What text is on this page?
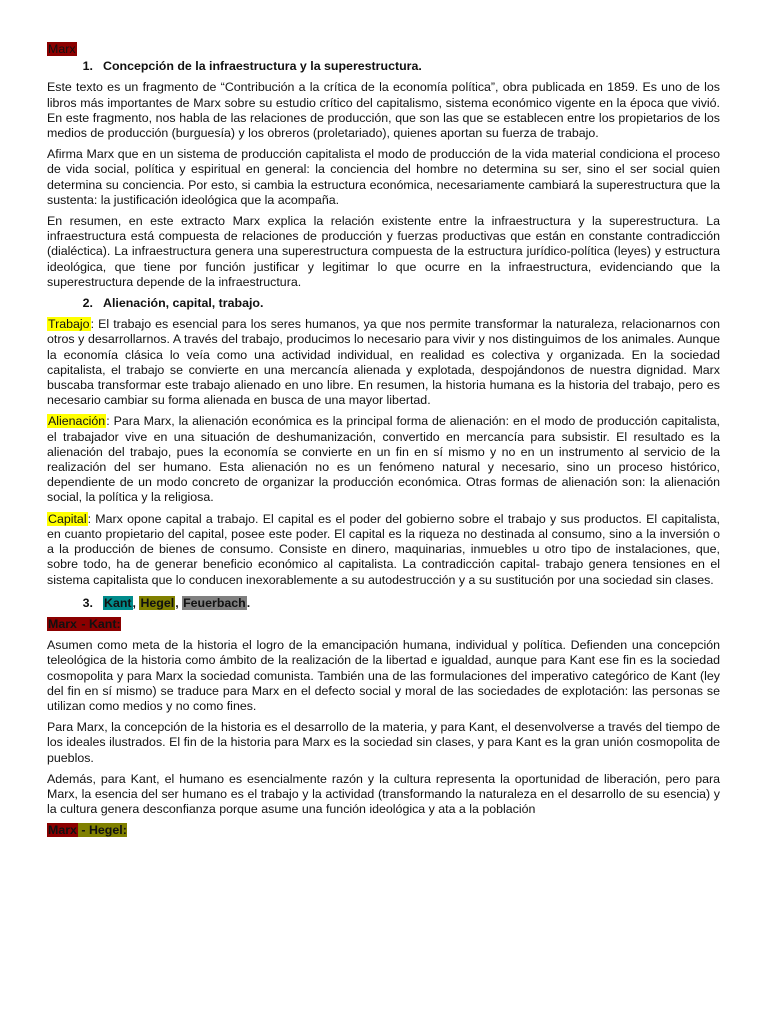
Marx
1. Concepción de la infraestructura y la superestructura.

Este texto es un fragmento de “Contribución a la crítica de la economía política”, obra publicada en 1859. Es uno de los libros más importantes de Marx sobre su estudio crítico del capitalismo, sistema económico vigente en la época que vivió. En este fragmento, nos habla de las relaciones de producción, que son las que se establecen entre los propietarios de los medios de producción (burguesía) y los obreros (proletariado), quienes aportan su fuerza de trabajo.

Afirma Marx que en un sistema de producción capitalista el modo de producción de la vida material condiciona el proceso de vida social, política y espiritual en general: la conciencia del hombre no determina su ser, sino el ser social quien determina su conciencia. Por esto, si cambia la estructura económica, necesariamente cambiará la superestructura que la sustenta: la justificación ideológica que la acompaña.

En resumen, en este extracto Marx explica la relación existente entre la infraestructura y la superestructura. La infraestructura está compuesta de relaciones de producción y fuerzas productivas que están en constante contradicción (dialéctica). La infraestructura genera una superestructura compuesta de la estructura jurídico-política (leyes) y estructura ideológica, que tiene por función justificar y legitimar lo que ocurre en la infraestructura, evidenciando que la superestructura depende de la infraestructura.

2. Alienación, capital, trabajo.

Trabajo: El trabajo es esencial para los seres humanos, ya que nos permite transformar la naturaleza, relacionarnos con otros y desarrollarnos. A través del trabajo, producimos lo necesario para vivir y nos distinguimos de los animales. Aunque la economía clásica lo veía como una actividad individual, en realidad es colectiva y organizada. En la sociedad capitalista, el trabajo se convierte en una mercancía alienada y explotada, despojándonos de nuestra dignidad. Marx buscaba transformar este trabajo alienado en uno libre. En resumen, la historia humana es la historia del trabajo, pero es necesario cambiar su forma alienada en busca de una mayor libertad.

Alienación: Para Marx, la alienación económica es la principal forma de alienación: en el modo de producción capitalista, el trabajador vive en una situación de deshumanización, convertido en mercancía para subsistir. El resultado es la alienación del trabajo, pues la economía se convierte en un fin en sí mismo y no en un instrumento al servicio de la realización del ser humano. Esta alienación no es un fenómeno natural y necesario, sino un proceso histórico, dependiente de un modo concreto de organizar la producción económica. Otras formas de alienación son: la alienación social, la política y la religiosa.

Capital: Marx opone capital a trabajo. El capital es el poder del gobierno sobre el trabajo y sus productos. El capitalista, en cuanto propietario del capital, posee este poder. El capital es la riqueza no destinada al consumo, sino a la inversión o a la producción de bienes de consumo. Consiste en dinero, maquinarias, inmuebles u otro tipo de instalaciones, que, sobre todo, ha de generar beneficio económico al capitalista. La contradicción capital- trabajo genera tensiones en el sistema capitalista que lo conducen inexorablemente a su autodestrucción y a su sustitución por una sociedad sin clases.

3. Kant, Hegel, Feuerbach.
Marx - Kant:

Asumen como meta de la historia el logro de la emancipación humana, individual y política. Defienden una concepción teleológica de la historia como ámbito de la realización de la libertad e igualdad, aunque para Kant ese fin es la sociedad cosmopolita y para Marx la sociedad comunista. También una de las formulaciones del imperativo categórico de Kant (ley del fin en sí mismo) se traduce para Marx en el defecto social y moral de las sociedades de explotación: las personas se utilizan como medios y no como fines.

Para Marx, la concepción de la historia es el desarrollo de la materia, y para Kant, el desenvolverse a través del tiempo de los ideales ilustrados. El fin de la historia para Marx es la sociedad sin clases, y para Kant es la gran unión cosmopolita de pueblos.

Además, para Kant, el humano es esencialmente razón y la cultura representa la oportunidad de liberación, pero para Marx, la esencia del ser humano es el trabajo y la actividad (transformando la naturaleza en el desarrollo de su esencia) y la cultura genera desconfianza porque asume una función ideológica y ata a la población

Marx - Hegel:
